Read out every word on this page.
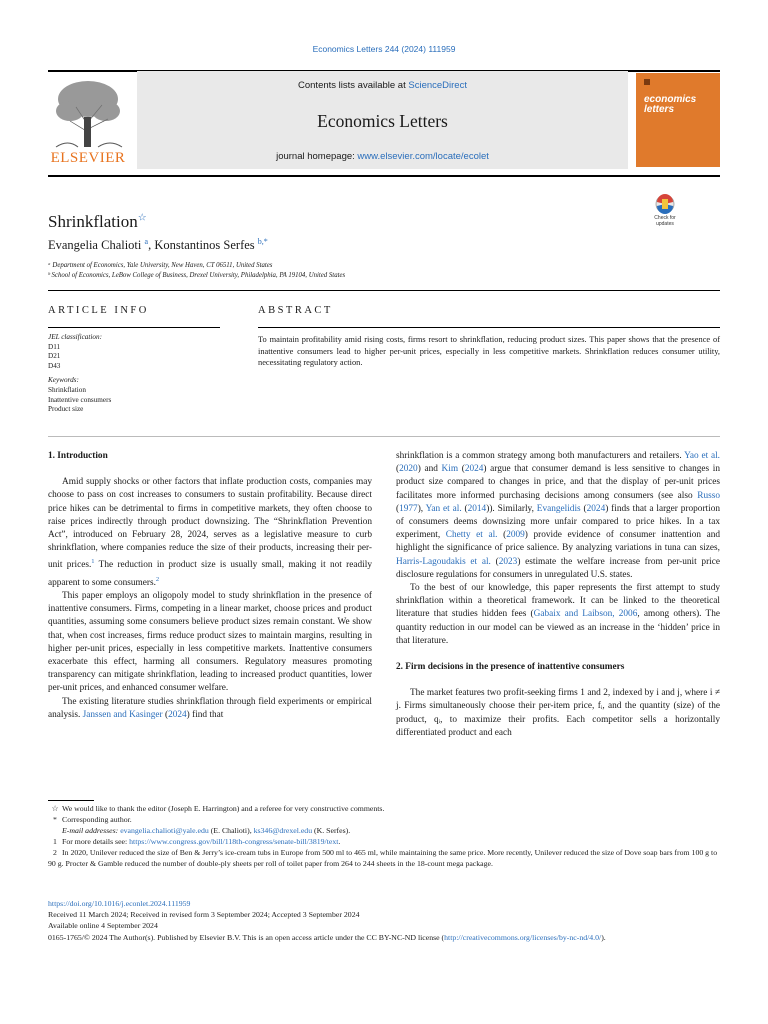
Economics Letters 244 (2024) 111959
ELSEVIER
Contents lists available at ScienceDirect
Economics Letters
journal homepage: www.elsevier.com/locate/ecolet
economics
letters
Shrinkflation☆	Check for
updates
Evangelia Chalioti $^a$, Konstantinos Serfes $^{b,*}$
ᵃ Department of Economics, Yale University, New Haven, CT 06511, United States
ᵇ School of Economics, LeBow College of Business, Drexel University, Philadelphia, PA 19104, United States
ARTICLE INFO	ABSTRACT
JEL classification:
D11
D21
D43
Keywords:
Shrinkflation
Inattentive consumers
Product size
To maintain profitability amid rising costs, firms resort to shrinkflation, reducing product sizes. This paper shows that the presence of inattentive consumers lead to higher per-unit prices, especially in less competitive markets. Shrinkflation reduces consumer utility, necessitating regulatory action.
1. Introduction

Amid supply shocks or other factors that inflate production costs, companies may choose to pass on cost increases to consumers to sustain profitability. Because direct price hikes can be detrimental to firms in competitive markets, they often choose to raise prices indirectly through product downsizing. The “Shrinkflation Prevention Act”, introduced on February 28, 2024, serves as a legislative measure to curb shrinkflation, where companies reduce the size of their products, increasing their per-unit prices.$^1$ The reduction in product size is usually small, making it not readily apparent to some consumers.$^2$

This paper employs an oligopoly model to study shrinkflation in the presence of inattentive consumers. Firms, competing in a linear market, choose prices and product quantities, assuming some consumers believe product sizes remain constant. We show that, when cost increases, firms reduce product sizes to maintain margins, resulting in higher per-unit prices, especially in less competitive markets. Inattentive consumers exacerbate this effect, harming all consumers. Regulatory measures promoting transparency can mitigate shrinkflation, leading to increased product quantities, lower per-unit prices, and enhanced consumer welfare.

The existing literature studies shrinkflation through field experiments or empirical analysis. Janssen and Kasinger (2024) find that

shrinkflation is a common strategy among both manufacturers and retailers. Yao et al. (2020) and Kim (2024) argue that consumer demand is less sensitive to changes in product size compared to changes in price, and that the display of per-unit prices facilitates more informed purchasing decisions among consumers (see also Russo (1977), Yan et al. (2014)). Similarly, Evangelidis (2024) finds that a larger proportion of consumers deems downsizing more unfair compared to price hikes. In a tax experiment, Chetty et al. (2009) provide evidence of consumer inattention and highlight the significance of price salience. By analyzing variations in tuna can sizes, Harris-Lagoudakis et al. (2023) estimate the welfare increase from per-unit price disclosure regulations for consumers in unregulated U.S. states.

To the best of our knowledge, this paper represents the first attempt to study shrinkflation within a theoretical framework. It can be linked to the theoretical literature that studies hidden fees (Gabaix and Laibson, 2006, among others). The quantity reduction in our model can be viewed as an increase in the ‘hidden’ price in that literature.

2. Firm decisions in the presence of inattentive consumers

The market features two profit-seeking firms 1 and 2, indexed by i and j, where i ≠ j. Firms simultaneously choose their per-item price, fᵢ, and the quantity (size) of the product, qᵢ, to maximize their profits. Each competitor sells a horizontally differentiated product and each

☆ We would like to thank the editor (Joseph E. Harrington) and a referee for very constructive comments.
* Corresponding author.
E-mail addresses: evangelia.chalioti@yale.edu (E. Chalioti), ks346@drexel.edu (K. Serfes).
1 For more details see: https://www.congress.gov/bill/118th-congress/senate-bill/3819/text.
2 In 2020, Unilever reduced the size of Ben & Jerry’s ice-cream tubs in Europe from 500 ml to 465 ml, while maintaining the same price. More recently, Unilever reduced the size of Dove soap bars from 100 g to 90 g. Procter & Gamble reduced the number of double-ply sheets per roll of toilet paper from 264 to 244 sheets in the 18-count mega package.
https://doi.org/10.1016/j.econlet.2024.111959
Received 11 March 2024; Received in revised form 3 September 2024; Accepted 3 September 2024
Available online 4 September 2024
0165-1765/© 2024 The Author(s). Published by Elsevier B.V. This is an open access article under the CC BY-NC-ND license (http://creativecommons.org/licenses/by-nc-nd/4.0/).
